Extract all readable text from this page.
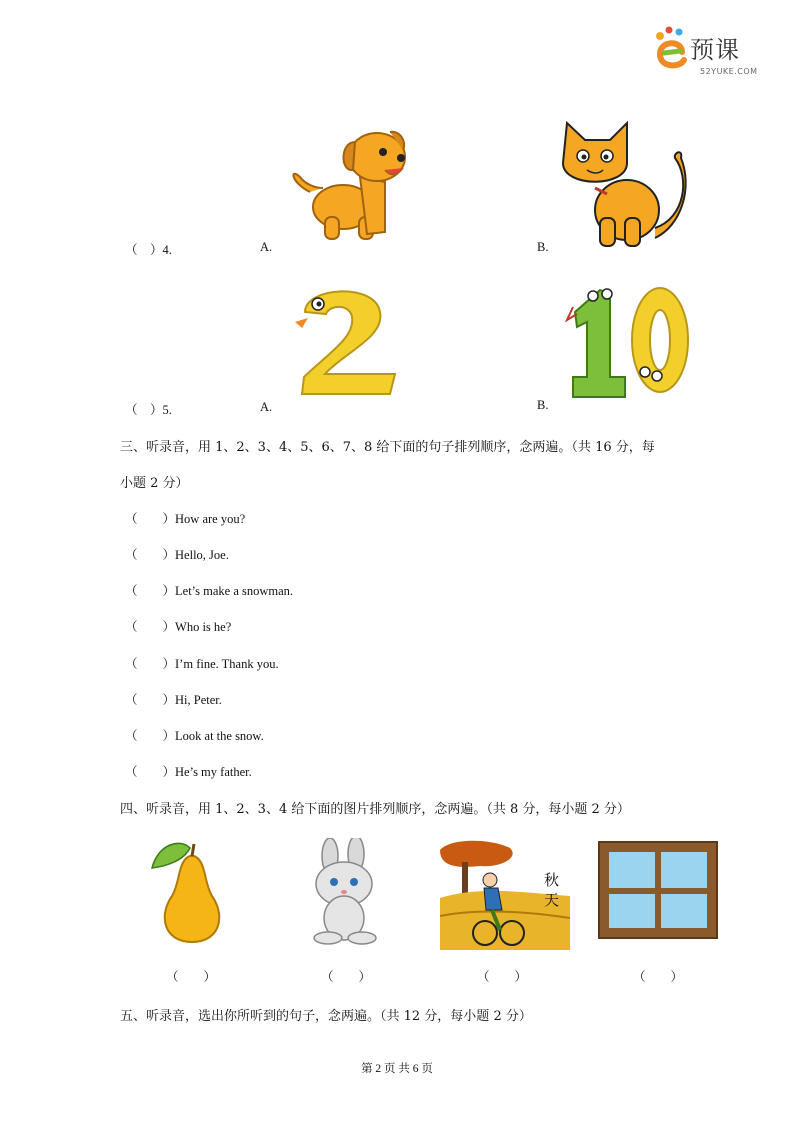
预课
52YUKE.COM
（　）4.	A.	B.
（　）5.	A.	B.
三、听录音，用 1、2、3、4、5、6、7、8 给下面的句子排列顺序，念两遍。（共 16 分，每
小题 2 分）
（　　）How are you?
（　　）Hello, Joe.
（　　）Let’s make a snowman.
（　　）Who is he?
（　　）I’m fine. Thank you.
（　　）Hi, Peter.
（　　）Look at the snow.
（　　）He’s my father.
四、听录音，用 1、2、3、4 给下面的图片排列顺序，念两遍。（共 8 分，每小题 2 分）
秋天
（　　）	（　　）	（　　）	（　　）
五、听录音，选出你所听到的句子，念两遍。（共 12 分，每小题 2 分）
第 2 页 共 6 页
